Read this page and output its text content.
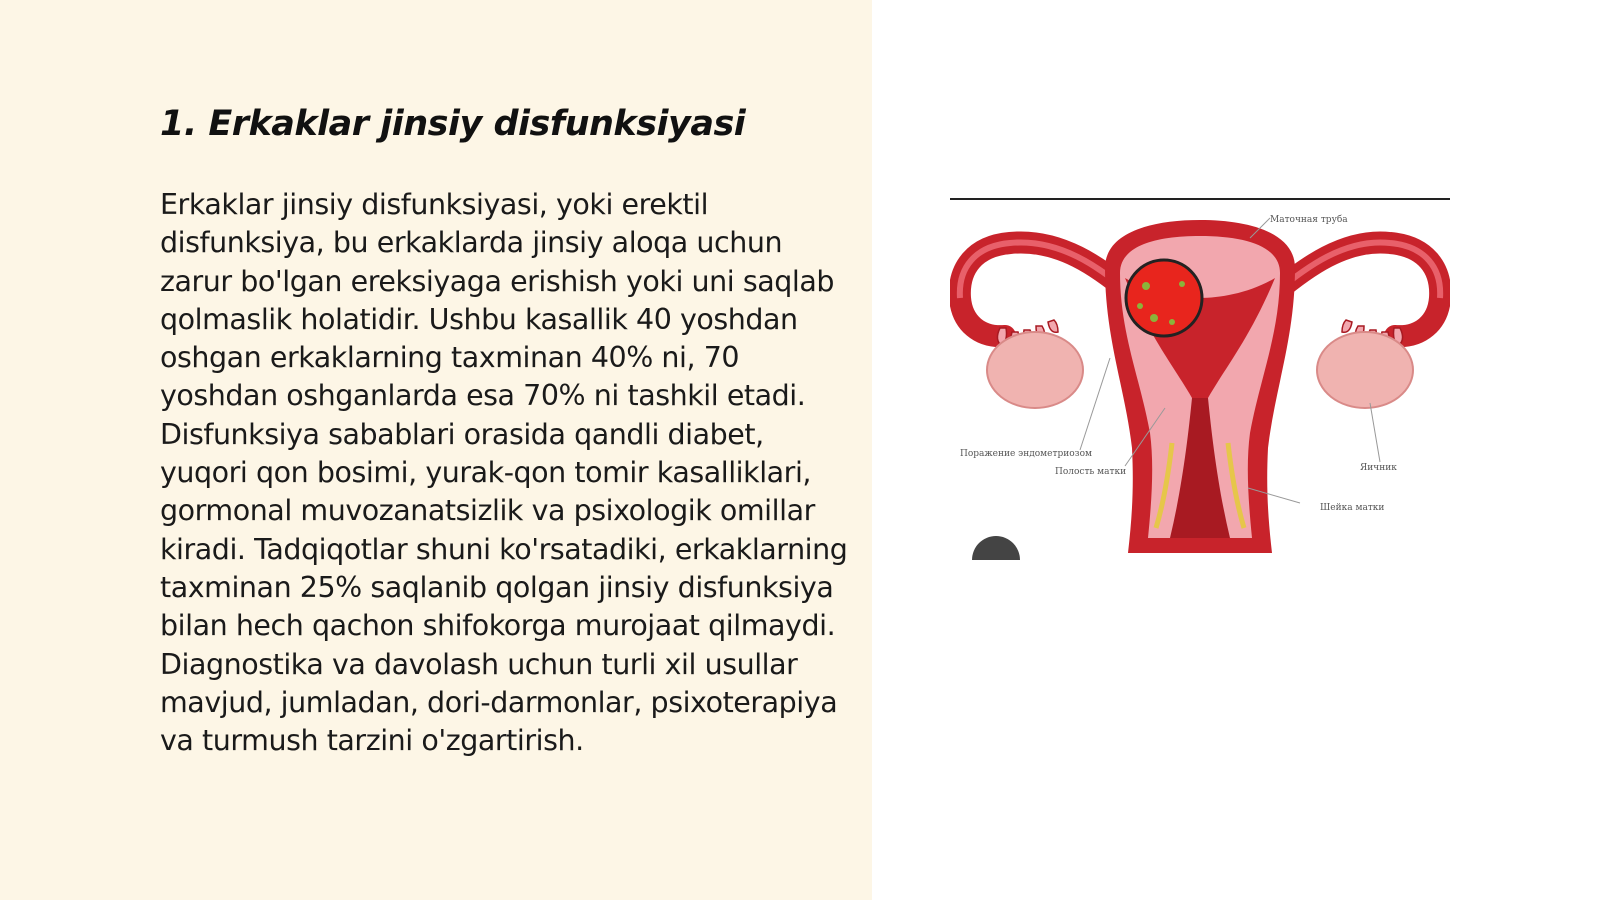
1. Erkaklar jinsiy disfunksiyasi

Erkaklar jinsiy disfunksiyasi, yoki erektil disfunksiya, bu erkaklarda jinsiy aloqa uchun zarur bo'lgan ereksiyaga erishish yoki uni saqlab qolmaslik holatidir. Ushbu kasallik 40 yoshdan oshgan erkaklarning taxminan 40% ni, 70 yoshdan oshganlarda esa 70% ni tashkil etadi. Disfunksiya sabablari orasida qandli diabet, yuqori qon bosimi, yurak-qon tomir kasalliklari, gormonal muvozanatsizlik va psixologik omillar kiradi. Tadqiqotlar shuni ko'rsatadiki, erkaklarning taxminan 25% saqlanib qolgan jinsiy disfunksiya bilan hech qachon shifokorga murojaat qilmaydi. Diagnostika va davolash uchun turli xil usullar mavjud, jumladan, dori-darmonlar, psixoterapiya va turmush tarzini o'zgartirish.

Маточная труба
Поражение эндометриозом
Полость матки	Яичник
Шейка матки
